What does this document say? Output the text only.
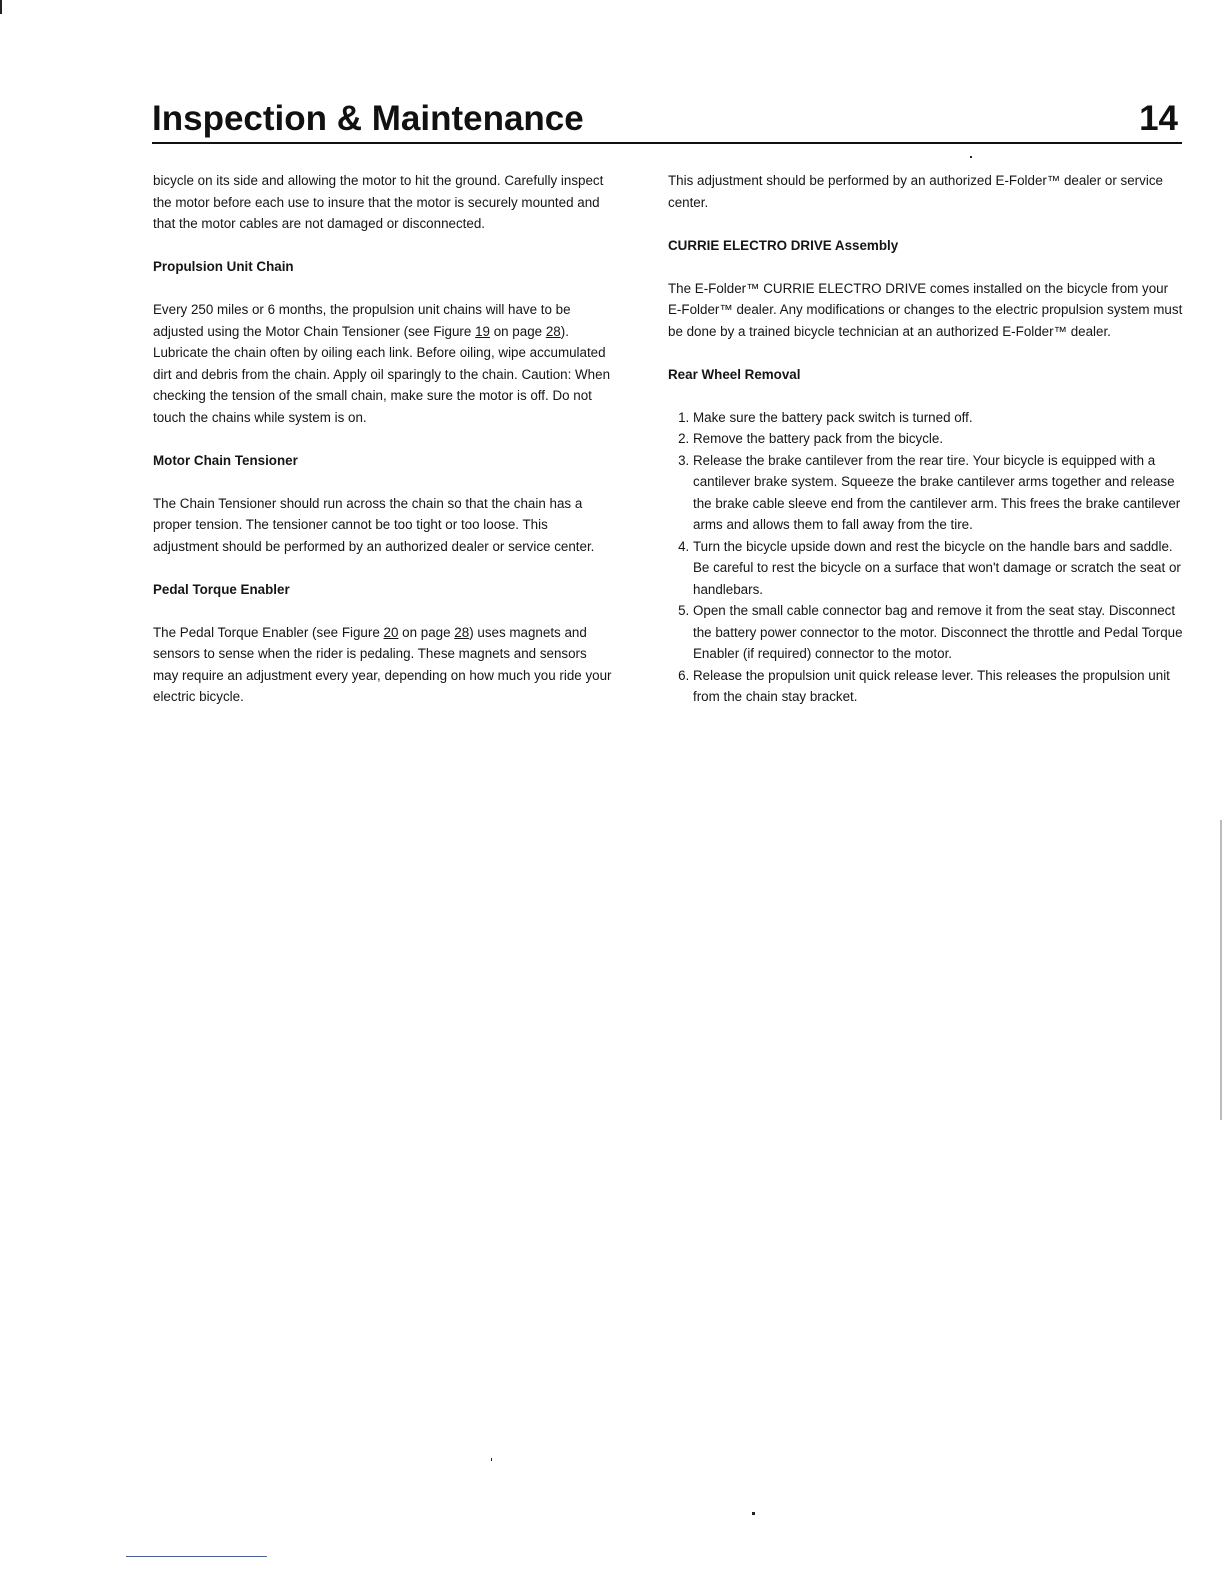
Inspection & Maintenance	14

bicycle on its side and allowing the motor to hit the ground. Carefully inspect the motor before each use to insure that the motor is securely mounted and that the motor cables are not damaged or disconnected.

Propulsion Unit Chain

Every 250 miles or 6 months, the propulsion unit chains will have to be adjusted using the Motor Chain Tensioner (see Figure 19 on page 28). Lubricate the chain often by oiling each link. Before oiling, wipe accumulated dirt and debris from the chain. Apply oil sparingly to the chain. Caution: When checking the tension of the small chain, make sure the motor is off. Do not touch the chains while system is on.

Motor Chain Tensioner

The Chain Tensioner should run across the chain so that the chain has a proper tension. The tensioner cannot be too tight or too loose. This adjustment should be performed by an authorized dealer or service center.

Pedal Torque Enabler

The Pedal Torque Enabler (see Figure 20 on page 28) uses magnets and sensors to sense when the rider is pedaling. These magnets and sensors may require an adjustment every year, depending on how much you ride your electric bicycle.

This adjustment should be performed by an authorized E-Folder™ dealer or service center.

CURRIE ELECTRO DRIVE Assembly

The E-Folder™ CURRIE ELECTRO DRIVE comes installed on the bicycle from your E-Folder™ dealer. Any modifications or changes to the electric propulsion system must be done by a trained bicycle technician at an authorized E-Folder™ dealer.

Rear Wheel Removal
1. Make sure the battery pack switch is turned off.
2. Remove the battery pack from the bicycle.
3. Release the brake cantilever from the rear tire. Your bicycle is equipped with a cantilever brake system. Squeeze the brake cantilever arms together and release the brake cable sleeve end from the cantilever arm. This frees the brake cantilever arms and allows them to fall away from the tire.
4. Turn the bicycle upside down and rest the bicycle on the handle bars and saddle. Be careful to rest the bicycle on a surface that won't damage or scratch the seat or handlebars.
5. Open the small cable connector bag and remove it from the seat stay. Disconnect the battery power connector to the motor. Disconnect the throttle and Pedal Torque Enabler (if required) connector to the motor.
6. Release the propulsion unit quick release lever. This releases the propulsion unit from the chain stay bracket.
